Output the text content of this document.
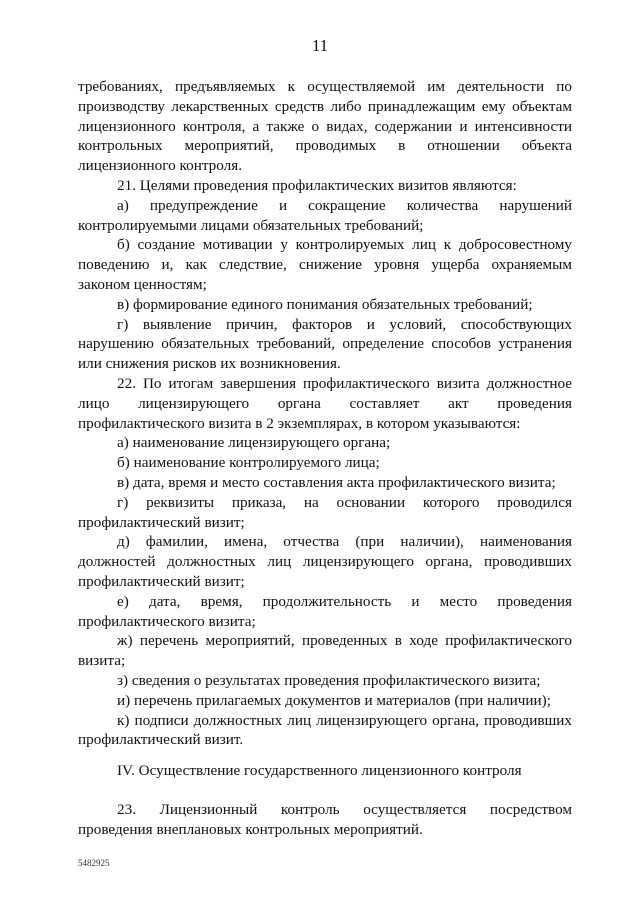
11

требованиях, предъявляемых к осуществляемой им деятельности по
производству лекарственных средств либо принадлежащим ему объектам
лицензионного контроля, а также о видах, содержании и интенсивности
контрольных мероприятий, проводимых в отношении объекта
лицензионного контроля.

21. Целями проведения профилактических визитов являются:

а) предупреждение и сокращение количества нарушений
контролируемыми лицами обязательных требований;

б) создание мотивации у контролируемых лиц к добросовестному
поведению и, как следствие, снижение уровня ущерба охраняемым
законом ценностям;

в) формирование единого понимания обязательных требований;

г) выявление причин, факторов и условий, способствующих
нарушению обязательных требований, определение способов устранения
или снижения рисков их возникновения.

22. По итогам завершения профилактического визита должностное
лицо лицензирующего органа составляет акт проведения
профилактического визита в 2 экземплярах, в котором указываются:

а) наименование лицензирующего органа;

б) наименование контролируемого лица;

в) дата, время и место составления акта профилактического визита;

г) реквизиты приказа, на основании которого проводился
профилактический визит;

д) фамилии, имена, отчества (при наличии), наименования
должностей должностных лиц лицензирующего органа, проводивших
профилактический визит;

е) дата, время, продолжительность и место проведения
профилактического визита;

ж) перечень мероприятий, проведенных в ходе профилактического
визита;

з) сведения о результатах проведения профилактического визита;

и) перечень прилагаемых документов и материалов (при наличии);

к) подписи должностных лиц лицензирующего органа, проводивших
профилактический визит.

IV. Осуществление государственного лицензионного контроля

23. Лицензионный контроль осуществляется посредством
проведения внеплановых контрольных мероприятий.

5482925
